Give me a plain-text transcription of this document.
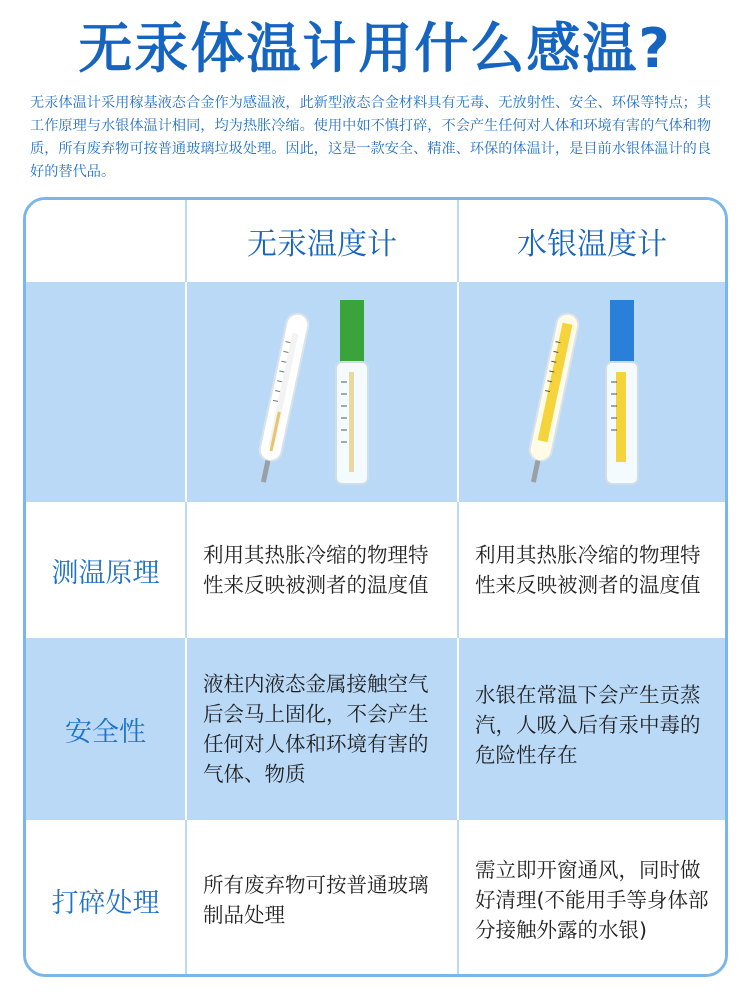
无汞体温计用什么感温?
无汞体温计采用稼基液态合金作为感温液，此新型液态合金材料具有无毒、无放射性、安全、环保等特点；其工作原理与水银体温计相同，均为热胀冷缩。使用中如不慎打碎，不会产生任何对人体和环境有害的气体和物质，所有废弃物可按普通玻璃垃圾处理。因此，这是一款安全、精准、环保的体温计，是目前水银体温计的良好的替代品。
无汞温度计	水银温度计
测温原理
利用其热胀冷缩的物理特性来反映被测者的温度值
利用其热胀冷缩的物理特性来反映被测者的温度值
安全性
液柱内液态金属接触空气后会马上固化，不会产生任何对人体和环境有害的气体、物质
水银在常温下会产生贡蒸汽，人吸入后有汞中毒的危险性存在
打碎处理
所有废弃物可按普通玻璃制品处理
需立即开窗通风，同时做好清理(不能用手等身体部分接触外露的水银)
